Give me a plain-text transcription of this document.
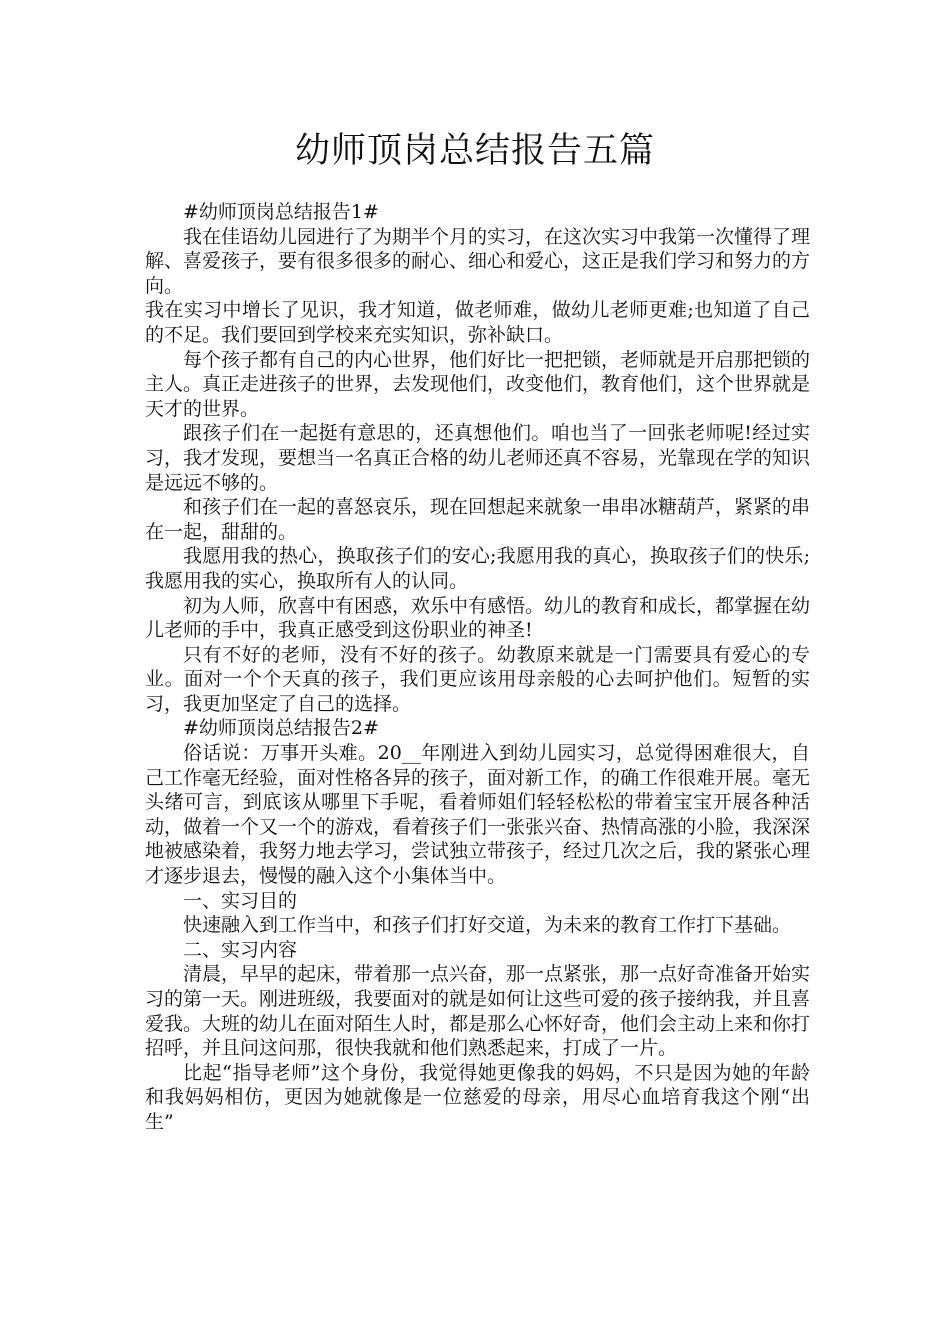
幼师顶岗总结报告五篇

#幼师顶岗总结报告1#

我在佳语幼儿园进行了为期半个月的实习，在这次实习中我第一次懂得了理解、喜爱孩子，要有很多很多的耐心、细心和爱心，这正是我们学习和努力的方向。

我在实习中增长了见识，我才知道，做老师难，做幼儿老师更难;也知道了自己的不足。我们要回到学校来充实知识，弥补缺口。

每个孩子都有自己的内心世界，他们好比一把把锁，老师就是开启那把锁的主人。真正走进孩子的世界，去发现他们，改变他们，教育他们，这个世界就是天才的世界。

跟孩子们在一起挺有意思的，还真想他们。咱也当了一回张老师呢!经过实习，我才发现，要想当一名真正合格的幼儿老师还真不容易，光靠现在学的知识是远远不够的。

和孩子们在一起的喜怒哀乐，现在回想起来就象一串串冰糖葫芦，紧紧的串在一起，甜甜的。

我愿用我的热心，换取孩子们的安心;我愿用我的真心，换取孩子们的快乐;我愿用我的实心，换取所有人的认同。

初为人师，欣喜中有困惑，欢乐中有感悟。幼儿的教育和成长，都掌握在幼儿老师的手中，我真正感受到这份职业的神圣!

只有不好的老师，没有不好的孩子。幼教原来就是一门需要具有爱心的专业。面对一个个天真的孩子，我们更应该用母亲般的心去呵护他们。短暂的实习，我更加坚定了自己的选择。

#幼师顶岗总结报告2#

俗话说：万事开头难。20__年刚进入到幼儿园实习，总觉得困难很大，自己工作毫无经验，面对性格各异的孩子，面对新工作，的确工作很难开展。毫无头绪可言，到底该从哪里下手呢，看着师姐们轻轻松松的带着宝宝开展各种活动，做着一个又一个的游戏，看着孩子们一张张兴奋、热情高涨的小脸，我深深地被感染着，我努力地去学习，尝试独立带孩子，经过几次之后，我的紧张心理才逐步退去，慢慢的融入这个小集体当中。

一、实习目的

快速融入到工作当中，和孩子们打好交道，为未来的教育工作打下基础。

二、实习内容

清晨，早早的起床，带着那一点兴奋，那一点紧张，那一点好奇准备开始实习的第一天。刚进班级，我要面对的就是如何让这些可爱的孩子接纳我，并且喜爱我。大班的幼儿在面对陌生人时，都是那么心怀好奇，他们会主动上来和你打招呼，并且问这问那，很快我就和他们熟悉起来，打成了一片。

比起“指导老师”这个身份，我觉得她更像我的妈妈，不只是因为她的年龄和我妈妈相仿，更因为她就像是一位慈爱的母亲，用尽心血培育我这个刚“出生”
